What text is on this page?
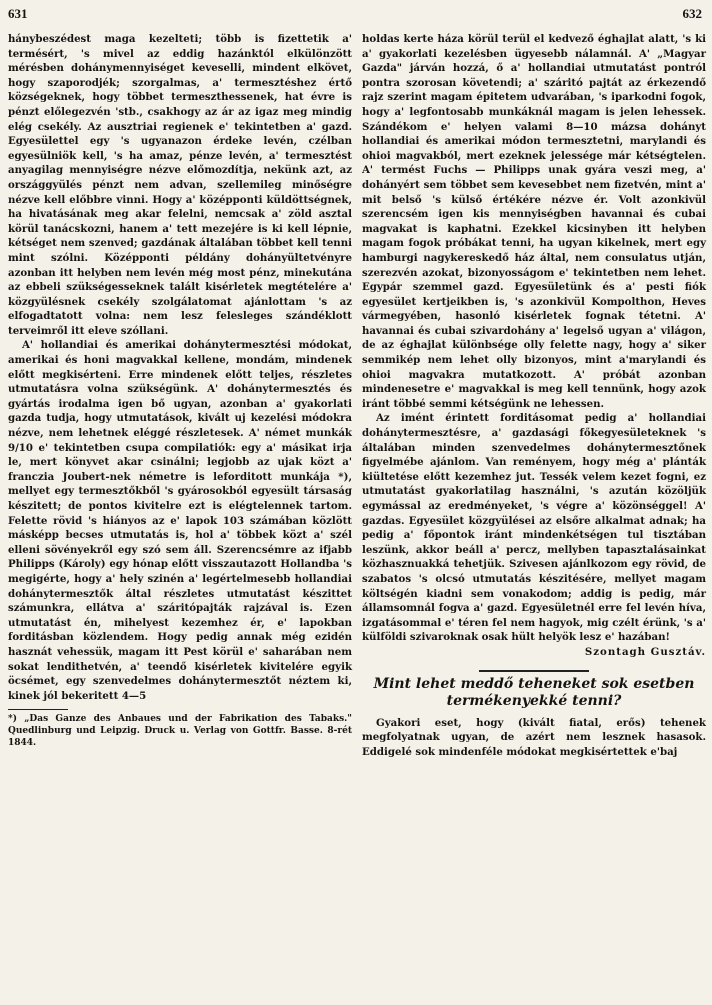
631	632

hánybeszédest maga kezelteti; több is fizettetik a' termésért, 's mivel az eddig hazánktól elkülönzött mérésben dohánymennyiséget keveselli, mindent elkövet, hogy szaporodjék; szorgalmas, a' termesztéshez értő községeknek, hogy többet termeszthessenek, hat évre is pénzt előlegezvén 'stb., csakhogy az ár az igaz meg mindig elég csekély. Az ausztriai regienek e' tekintetben a' gazd. Egyesülettel egy 's ugyanazon érdeke levén, czélban egyesülniök kell, 's ha amaz, pénze levén, a' termesztést anyagilag mennyiségre nézve előmozdítja, nekünk azt, az országgyülés pénzt nem advan, szellemileg minőségre nézve kell előbbre vinni. Hogy a' középponti küldöttségnek, ha hivatásának meg akar felelni, nemcsak a' zöld asztal körül tanácskozni, hanem a' tett mezejére is ki kell lépnie, kétséget nem szenved; gazdának általában többet kell tenni mint szólni. Középponti példány dohányültetvényre azonban itt helyben nem levén még most pénz, minekutána az ebbeli szükségesseknek talált kisérletek megtételére a' közgyülésnek csekély szolgálatomat ajánlottam 's az elfogadtatott volna: nem lesz felesleges szándéklott terveimről itt eleve szóllani.

A' hollandiai és amerikai dohánytermesztési módokat, amerikai és honi magvakkal kellene, mondám, mindenek előtt megkisérteni. Erre mindenek előtt teljes, részletes utmutatásra volna szükségünk. A' dohánytermesztés és gyártás irodalma igen bő ugyan, azonban a' gyakorlati gazda tudja, hogy utmutatások, kivált uj kezelési módokra nézve, nem lehetnek eléggé részletesek. A' német munkák 9/10 e' tekintetben csupa compilatiók: egy a' másikat irja le, mert könyvet akar csinálni; legjobb az ujak közt a' franczia Joubert-nek németre is leforditott munkája *), mellyet egy termesztőkből 's gyárosokból egyesült társaság készitett; de pontos kivitelre ezt is elégtelennek tartom. Felette rövid 's hiányos az e' lapok 103 számában közlött másképp becses utmutatás is, hol a' többek közt a' szél elleni sövényekről egy szó sem áll. Szerencsémre az ifjabb Philipps (Károly) egy hónap előtt visszautazott Hollandba 's megigérte, hogy a' hely szinén a' legértelmesebb hollandiai dohánytermesztők által részletes utmutatást készittet számunkra, ellátva a' száritópajták rajzával is. Ezen utmutatást én, mihelyest kezemhez ér, e' lapokban forditásban közlendem. Hogy pedig annak még ezidén hasznát vehessük, magam itt Pest körül e' saharában nem sokat lendithetvén, a' teendő kisérletek kivitelére egyik öcsémet, egy szenvedelmes dohánytermesztőt néztem ki, kinek jól bekeritett 4—5

*) „Das Ganze des Anbaues und der Fabrikation des Tabaks." Quedlinburg und Leipzig. Druck u. Verlag von Gottfr. Basse. 8-rét 1844.

holdas kerte háza körül terül el kedvező éghajlat alatt, 's ki a' gyakorlati kezelésben ügyesebb nálamnál. A' „Magyar Gazda" járván hozzá, ő a' hollandiai utmutatást pontról pontra szorosan követendi; a' száritó pajtát az érkezendő rajz szerint magam épitetem udvarában, 's iparkodni fogok, hogy a' legfontosabb munkáknál magam is jelen lehessek. Szándékom e' helyen valami 8—10 mázsa dohányt hollandiai és amerikai módon termesztetni, marylandi és ohioi magvakból, mert ezeknek jelessége már kétségtelen. A' termést Fuchs — Philipps unak gyára veszi meg, a' dohányért sem többet sem kevesebbet nem fizetvén, mint a' mit belső 's külső értékére nézve ér. Volt azonkivül szerencsém igen kis mennyiségben havannai és cubai magvakat is kaphatni. Ezekkel kicsinyben itt helyben magam fogok próbákat tenni, ha ugyan kikelnek, mert egy hamburgi nagykereskedő ház által, nem consulatus utján, szerezvén azokat, bizonyosságom e' tekintetben nem lehet. Egypár szemmel gazd. Egyesületünk és a' pesti fiók egyesület kertjeikben is, 's azonkivül Kompolthon, Heves vármegyében, hasonló kisérletek fognak tétetni. A' havannai és cubai szivardohány a' legelső ugyan a' világon, de az éghajlat különbsége olly felette nagy, hogy a' siker semmikép nem lehet olly bizonyos, mint a'marylandi és ohioi magvakra mutatkozott. A' próbát azonban mindenesetre e' magvakkal is meg kell tennünk, hogy azok iránt többé semmi kétségünk ne lehessen.

Az imént érintett forditásomat pedig a' hollandiai dohánytermesztésre, a' gazdasági főkegyesületeknek 's általában minden szenvedelmes dohánytermesztőnek figyelmébe ajánlom. Van reményem, hogy még a' plánták kiültetése előtt kezemhez jut. Tessék velem kezet fogni, ez utmutatást gyakorlatilag használni, 's azután közöljük egymással az eredményeket, 's végre a' közönséggel! A' gazdas. Egyesület közgyülései az elsőre alkalmat adnak; ha pedig a' főpontok iránt mindenkétségen tul tisztában leszünk, akkor beáll a' percz, mellyben tapasztalásainkat közhasznuakká tehetjük. Szivesen ajánlkozom egy rövid, de szabatos 's olcsó utmutatás készitésére, mellyet magam költségén kiadni sem vonakodom; addig is pedig, már államsomnál fogva a' gazd. Egyesületnél erre fel levén híva, izgatásommal e' téren fel nem hagyok, mig czélt érünk, 's a' külföldi szivaroknak osak hült helyök lesz e' hazában!

Szontagh Gusztáv.

Mint lehet meddő teheneket sok esetben termékenyekké tenni?

Gyakori eset, hogy (kivált fiatal, erős) tehenek megfolyatnak ugyan, de azért nem lesznek hasasok. Eddigelé sok mindenféle módokat megkisértettek e'baj
